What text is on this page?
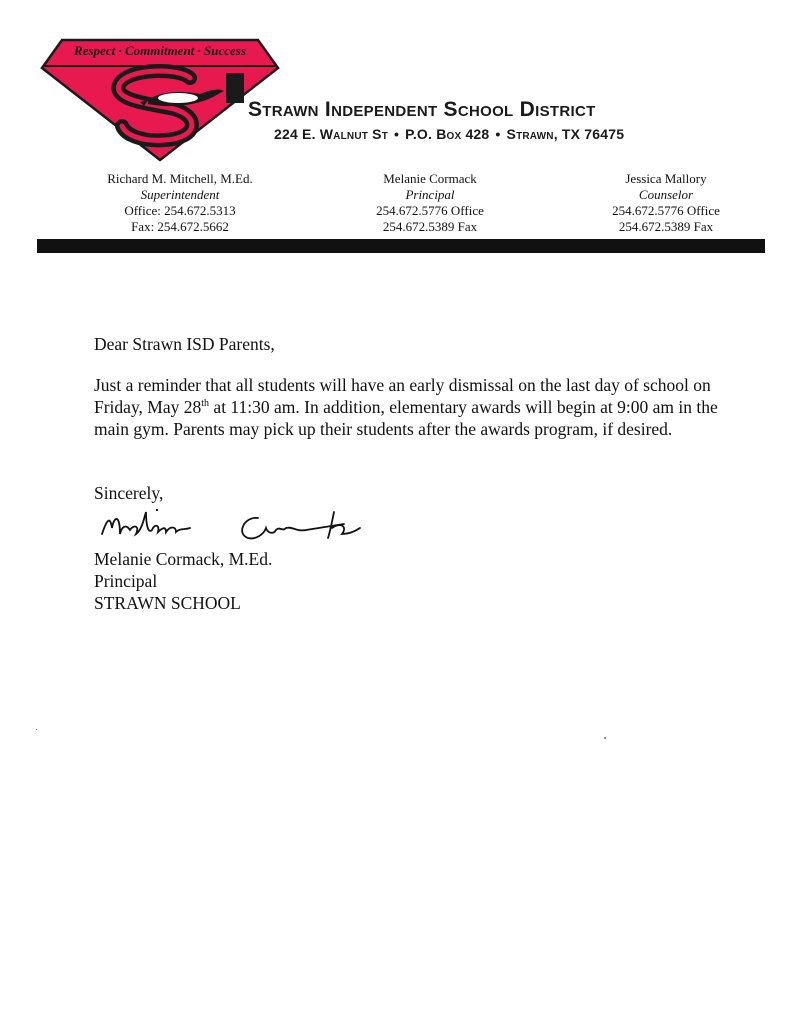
Respect · Commitment · Success
Strawn Independent School District
224 E. Walnut St • P.O. Box 428 • Strawn, TX 76475
Richard M. Mitchell, M.Ed.
Superintendent
Office: 254.672.5313
Fax: 254.672.5662
Melanie Cormack
Principal
254.672.5776 Office
254.672.5389 Fax
Jessica Mallory
Counselor
254.672.5776 Office
254.672.5389 Fax
Dear Strawn ISD Parents,
Just a reminder that all students will have an early dismissal on the last day of school on Friday, May 28th at 11:30 am. In addition, elementary awards will begin at 9:00 am in the main gym. Parents may pick up their students after the awards program, if desired.
Sincerely,
Melanie Cormack, M.Ed.
Principal
STRAWN SCHOOL
